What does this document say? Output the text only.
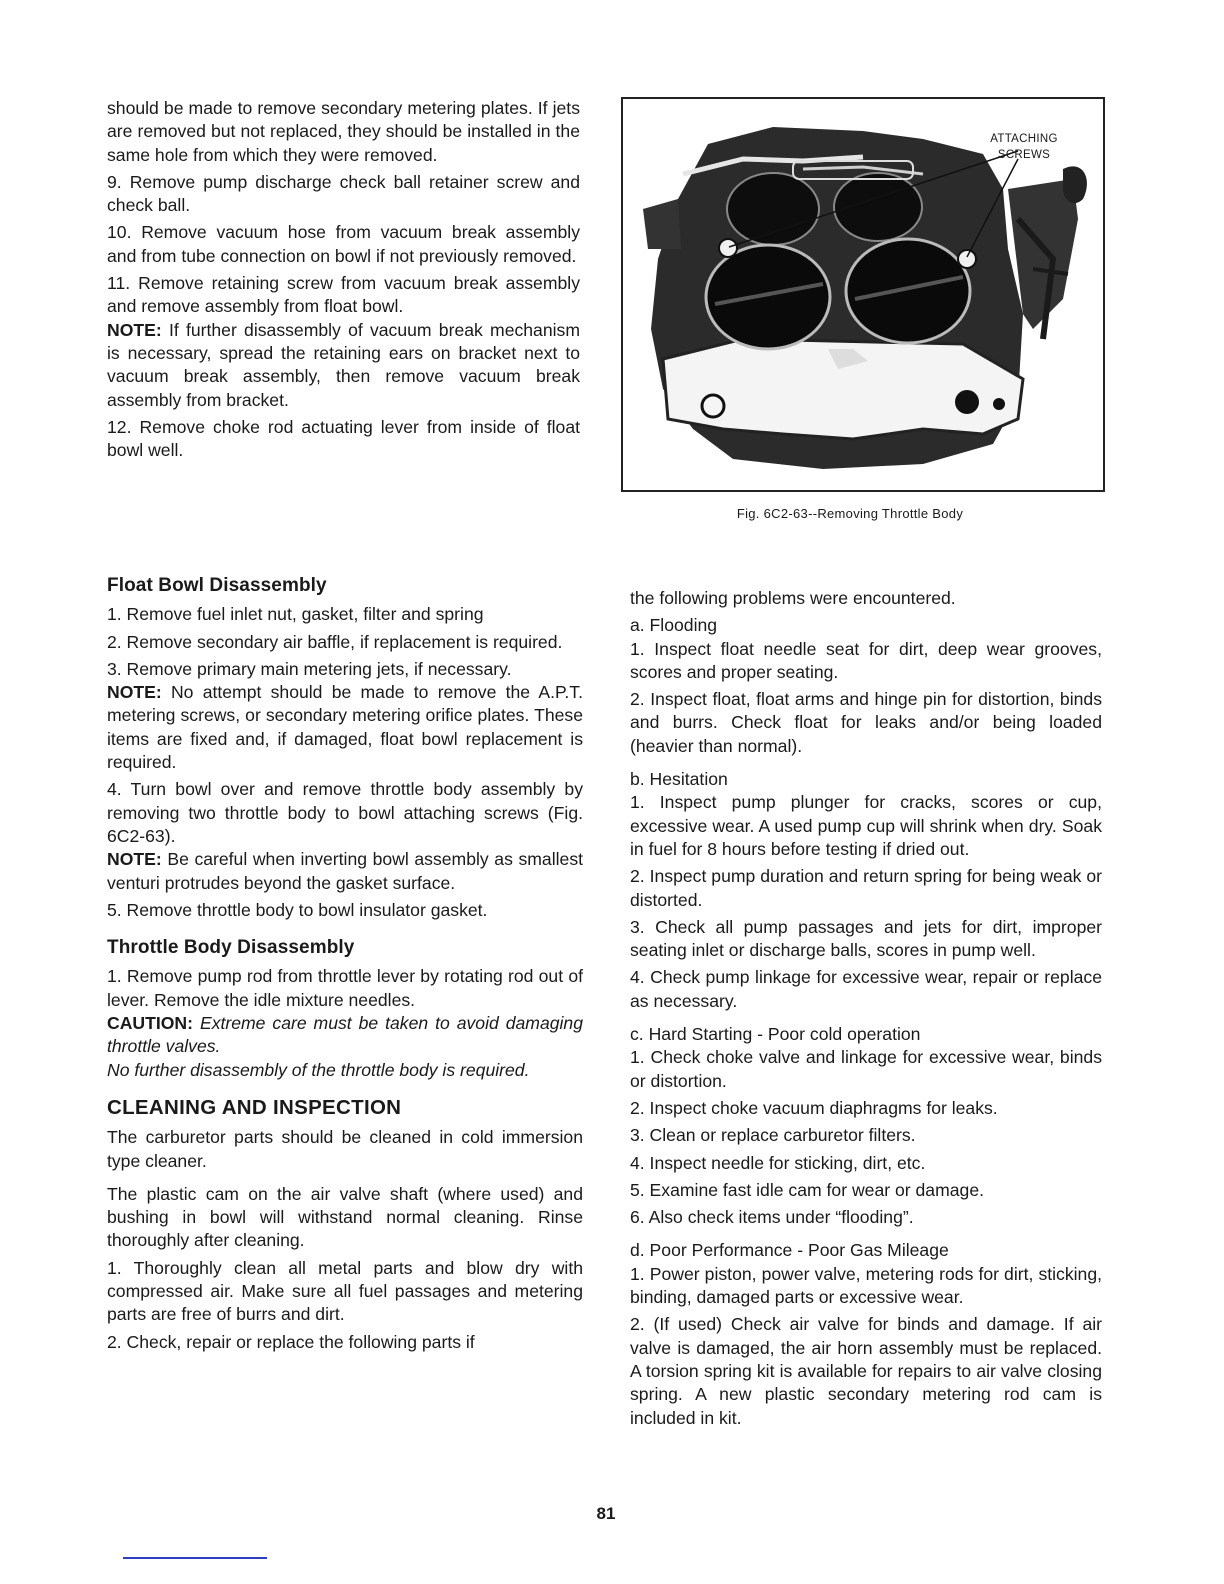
should be made to remove secondary metering plates. If jets are removed but not replaced, they should be installed in the same hole from which they were removed.

9. Remove pump discharge check ball retainer screw and check ball.

10. Remove vacuum hose from vacuum break assembly and from tube connection on bowl if not previously removed.

11. Remove retaining screw from vacuum break assembly and remove assembly from float bowl.

NOTE: If further disassembly of vacuum break mechanism is necessary, spread the retaining ears on bracket next to vacuum break assembly, then remove vacuum break assembly from bracket.

12. Remove choke rod actuating lever from inside of float bowl well.

ATTACHING SCREWS
Fig. 6C2-63--Removing Throttle Body
Float Bowl Disassembly

1. Remove fuel inlet nut, gasket, filter and spring

2. Remove secondary air baffle, if replacement is required.

3. Remove primary main metering jets, if necessary.

NOTE: No attempt should be made to remove the A.P.T. metering screws, or secondary metering orifice plates. These items are fixed and, if damaged, float bowl replacement is required.

4. Turn bowl over and remove throttle body assembly by removing two throttle body to bowl attaching screws (Fig. 6C2-63).

NOTE: Be careful when inverting bowl assembly as smallest venturi protrudes beyond the gasket surface.

5. Remove throttle body to bowl insulator gasket.

Throttle Body Disassembly

1. Remove pump rod from throttle lever by rotating rod out of lever. Remove the idle mixture needles.

CAUTION: Extreme care must be taken to avoid damaging throttle valves.

No further disassembly of the throttle body is required.

CLEANING AND INSPECTION

The carburetor parts should be cleaned in cold immersion type cleaner.

The plastic cam on the air valve shaft (where used) and bushing in bowl will withstand normal cleaning. Rinse thoroughly after cleaning.

1. Thoroughly clean all metal parts and blow dry with compressed air. Make sure all fuel passages and metering parts are free of burrs and dirt.

2. Check, repair or replace the following parts if

the following problems were encountered.

a. Flooding

1. Inspect float needle seat for dirt, deep wear grooves, scores and proper seating.

2. Inspect float, float arms and hinge pin for distortion, binds and burrs. Check float for leaks and/or being loaded (heavier than normal).

b. Hesitation

1. Inspect pump plunger for cracks, scores or cup, excessive wear. A used pump cup will shrink when dry. Soak in fuel for 8 hours before testing if dried out.

2. Inspect pump duration and return spring for being weak or distorted.

3. Check all pump passages and jets for dirt, improper seating inlet or discharge balls, scores in pump well.

4. Check pump linkage for excessive wear, repair or replace as necessary.

c. Hard Starting - Poor cold operation

1. Check choke valve and linkage for excessive wear, binds or distortion.

2. Inspect choke vacuum diaphragms for leaks.

3. Clean or replace carburetor filters.

4. Inspect needle for sticking, dirt, etc.

5. Examine fast idle cam for wear or damage.

6. Also check items under “flooding”.

d. Poor Performance - Poor Gas Mileage

1. Power piston, power valve, metering rods for dirt, sticking, binding, damaged parts or excessive wear.

2. (If used) Check air valve for binds and damage. If air valve is damaged, the air horn assembly must be replaced. A torsion spring kit is available for repairs to air valve closing spring. A new plastic secondary metering rod cam is included in kit.

81
